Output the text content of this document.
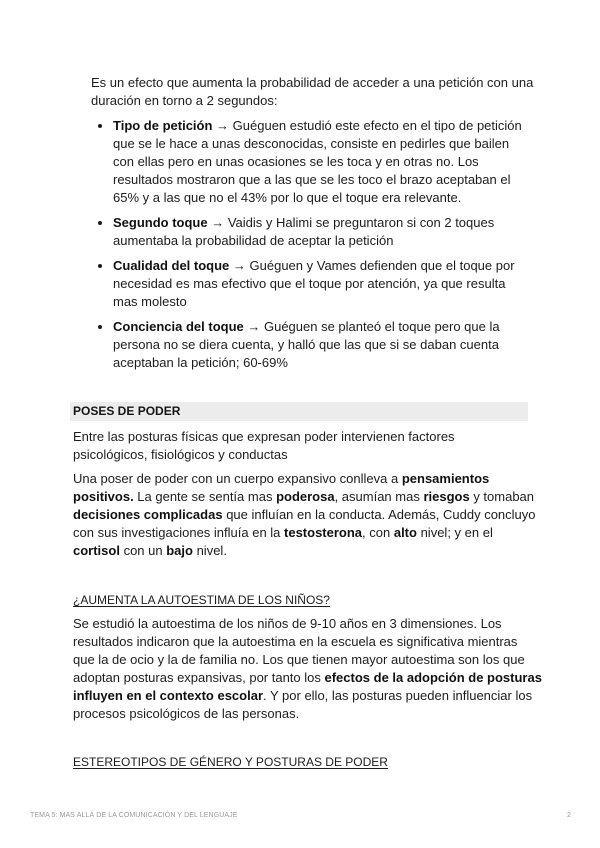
Es un efecto que aumenta la probabilidad de acceder a una petición con una
duración en torno a 2 segundos:
Tipo de petición → Guéguen estudió este efecto en el tipo de petición
que se le hace a unas desconocidas, consiste en pedirles que bailen
con ellas pero en unas ocasiones se les toca y en otras no. Los
resultados mostraron que a las que se les toco el brazo aceptaban el
65% y a las que no el 43% por lo que el toque era relevante.
Segundo toque → Vaidis y Halimi se preguntaron si con 2 toques
aumentaba la probabilidad de aceptar la petición
Cualidad del toque → Guéguen y Vames defienden que el toque por
necesidad es mas efectivo que el toque por atención, ya que resulta
mas molesto
Conciencia del toque → Guéguen se planteó el toque pero que la
persona no se diera cuenta, y halló que las que si se daban cuenta
aceptaban la petición; 60-69%
POSES DE PODER
Entre las posturas físicas que expresan poder intervienen factores
psicológicos, fisiológicos y conductas
Una poser de poder con un cuerpo expansivo conlleva a pensamientos
positivos. La gente se sentía mas poderosa, asumían mas riesgos y tomaban
decisiones complicadas que influían en la conducta. Además, Cuddy concluyo
con sus investigaciones influía en la testosterona, con alto nivel; y en el
cortisol con un bajo nivel.
¿AUMENTA LA AUTOESTIMA DE LOS NIÑOS?
Se estudió la autoestima de los niños de 9-10 años en 3 dimensiones. Los
resultados indicaron que la autoestima en la escuela es significativa mientras
que la de ocio y la de familia no. Los que tienen mayor autoestima son los que
adoptan posturas expansivas, por tanto los efectos de la adopción de posturas
influyen en el contexto escolar. Y por ello, las posturas pueden influenciar los
procesos psicológicos de las personas.
ESTEREOTIPOS DE GÉNERO Y POSTURAS DE PODER
TEMA 5: MAS ALLÁ DE LA COMUNICACIÓN Y DEL LENGUAJE	2
